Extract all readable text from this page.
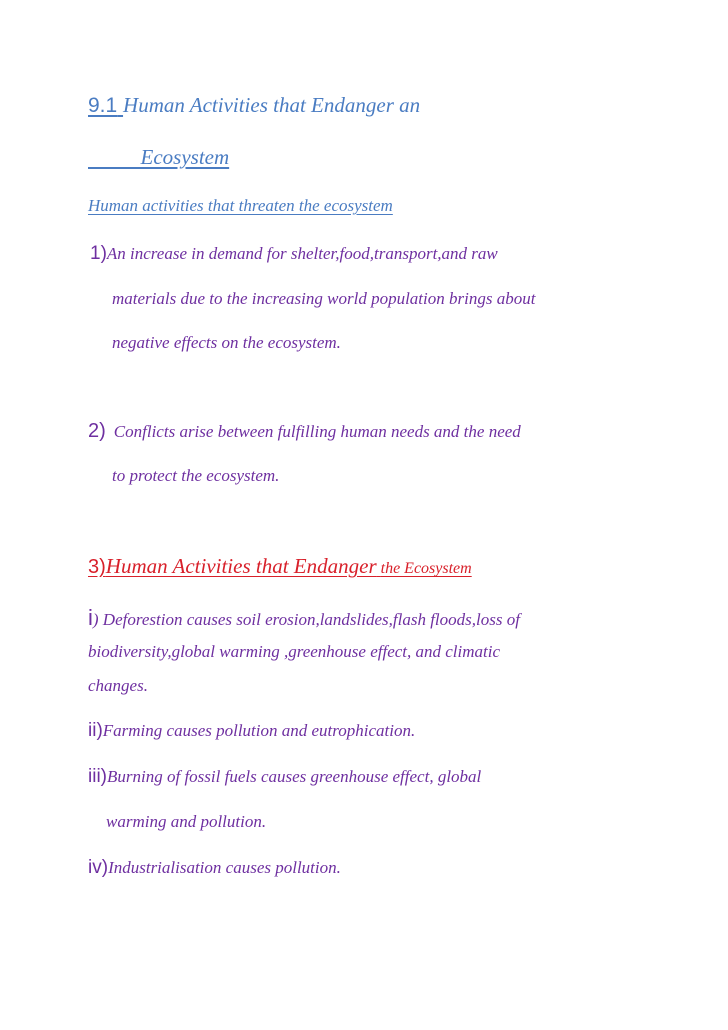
9.1 Human Activities that Endanger an
Ecosystem
Human activities that threaten the ecosystem
1)An increase in demand for shelter,food,transport,and raw
materials due to the increasing world population brings about
negative effects on the ecosystem.
2) Conflicts arise between fulfilling human needs and the need
to protect the ecosystem.
3)Human Activities that Endanger the Ecosystem
i) Deforestion causes soil erosion,landslides,flash floods,loss of
biodiversity,global warming ,greenhouse effect, and climatic
changes.
ii)Farming causes pollution and eutrophication.
iii)Burning of fossil fuels causes greenhouse effect, global
warming and pollution.
iv)Industrialisation causes pollution.
